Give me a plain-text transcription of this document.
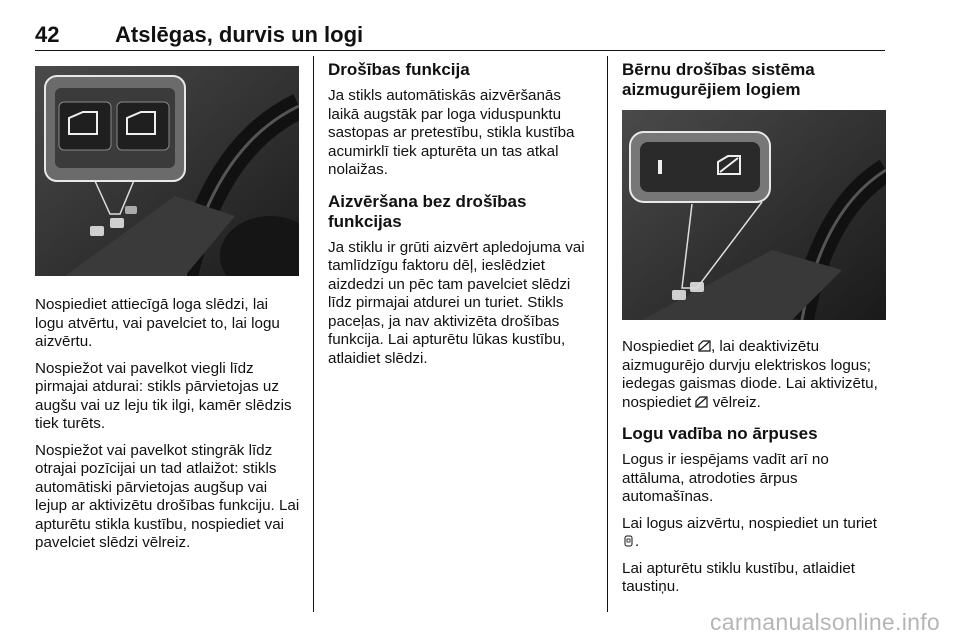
42	Atslēgas, durvis un logi

Nospiediet attiecīgā loga slēdzi, lai logu atvērtu, vai pavelciet to, lai logu aizvērtu.

Nospiežot vai pavelkot viegli līdz pirmajai atdurai: stikls pārvietojas uz augšu vai uz leju tik ilgi, kamēr slēdzis tiek turēts.

Nospiežot vai pavelkot stingrāk līdz otrajai pozīcijai un tad atlaižot: stikls automātiski pārvietojas augšup vai lejup ar aktivizētu drošības funkciju. Lai apturētu stikla kustību, nospiediet vai pavelciet slēdzi vēlreiz.

Drošības funkcija

Ja stikls automātiskās aizvēršanās laikā augstāk par loga viduspunktu sastopas ar pretestību, stikla kustība acumirklī tiek apturēta un tas atkal nolaižas.

Aizvēršana bez drošības funkcijas

Ja stiklu ir grūti aizvērt apledojuma vai tamlīdzīgu faktoru dēļ, ieslēdziet aizdedzi un pēc tam pavelciet slēdzi līdz pirmajai atdurei un turiet. Stikls paceļas, ja nav aktivizēta drošības funkcija. Lai apturētu lūkas kustību, atlaidiet slēdzi.

Bērnu drošības sistēma aizmugurējiem logiem

Nospiediet , lai deaktivizētu aizmugurējo durvju elektriskos logus; iedegas gaismas diode. Lai aktivizētu, nospiediet  vēlreiz.

Logu vadība no ārpuses

Logus ir iespējams vadīt arī no attāluma, atrodoties ārpus automašīnas.

Lai logus aizvērtu, nospiediet un turiet
.

Lai apturētu stiklu kustību, atlaidiet taustiņu.

carmanualsonline.info
